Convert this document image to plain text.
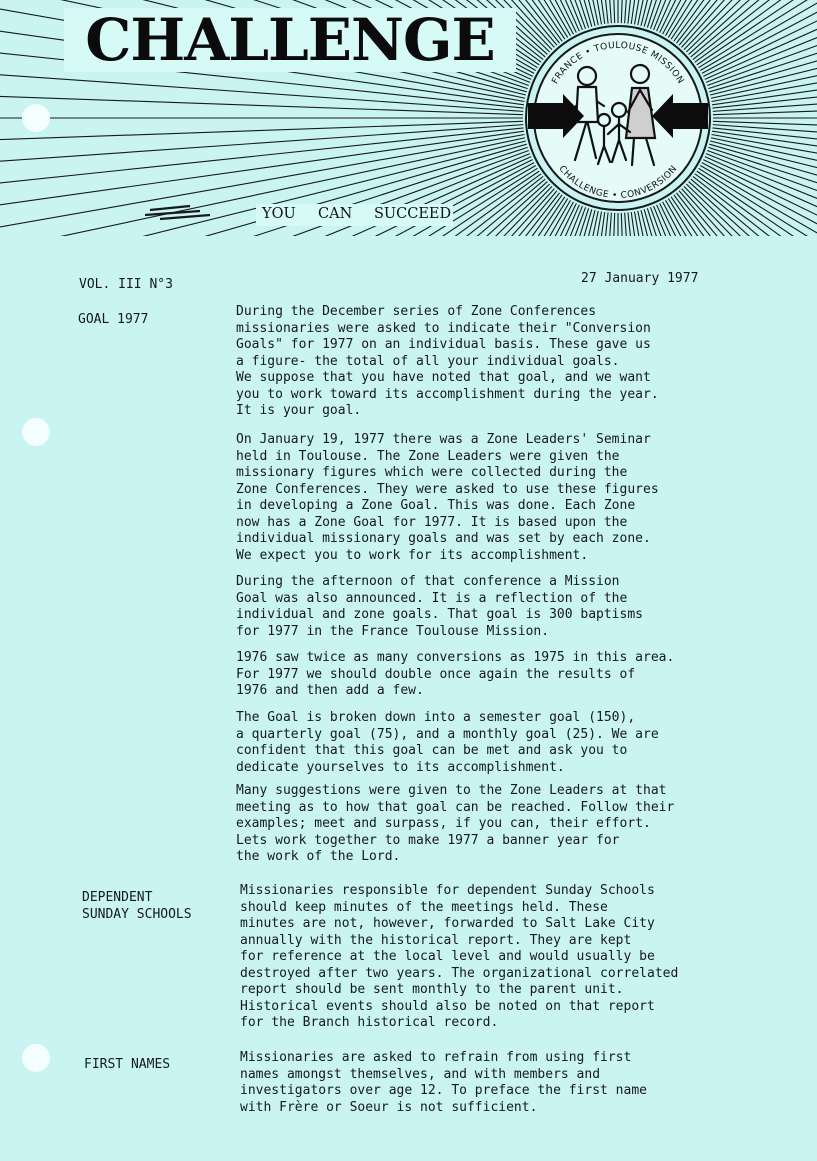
FRANCE • TOULOUSE MISSION
CHALLENGE • CONVERSION
CHALLENGE
YOU CAN SUCCEED
VOL. III N°3	27 January 1977
GOAL 1977

During the December series of Zone Conferences
missionaries were asked to indicate their "Conversion
Goals" for 1977 on an individual basis. These gave us
a figure- the total of all your individual goals.
We suppose that you have noted that goal, and we want
you to work toward its accomplishment during the year.
It is your goal.

On January 19, 1977 there was a Zone Leaders' Seminar
held in Toulouse. The Zone Leaders were given the
missionary figures which were collected during the
Zone Conferences. They were asked to use these figures
in developing a Zone Goal. This was done. Each Zone
now has a Zone Goal for 1977. It is based upon the
individual missionary goals and was set by each zone.
We expect you to work for its accomplishment.

During the afternoon of that conference a Mission
Goal was also announced. It is a reflection of the
individual and zone goals. That goal is 300 baptisms
for 1977 in the France Toulouse Mission.

1976 saw twice as many conversions as 1975 in this area.
For 1977 we should double once again the results of
1976 and then add a few.

The Goal is broken down into a semester goal (150),
a quarterly goal (75), and a monthly goal (25). We are
confident that this goal can be met and ask you to
dedicate yourselves to its accomplishment.

Many suggestions were given to the Zone Leaders at that
meeting as to how that goal can be reached. Follow their
examples; meet and surpass, if you can, their effort.
Lets work together to make 1977 a banner year for
the work of the Lord.

DEPENDENT
SUNDAY SCHOOLS

Missionaries responsible for dependent Sunday Schools
should keep minutes of the meetings held. These
minutes are not, however, forwarded to Salt Lake City
annually with the historical report. They are kept
for reference at the local level and would usually be
destroyed after two years. The organizational correlated
report should be sent monthly to the parent unit.
Historical events should also be noted on that report
for the Branch historical record.

FIRST NAMES	Missionaries are asked to refrain from using first
names amongst themselves, and with members and
investigators over age 12. To preface the first name
with Frère or Soeur is not sufficient.
